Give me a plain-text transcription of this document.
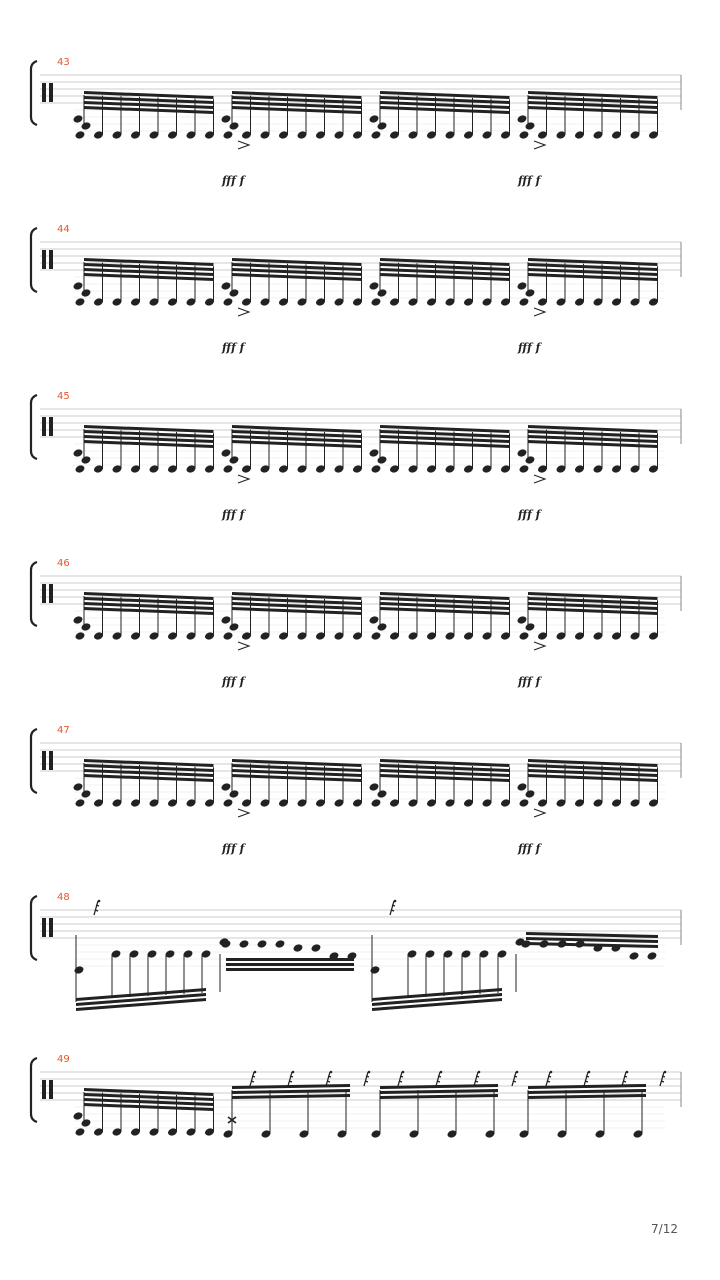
43
fff f	fff f
44
fff f	fff f
45
fff f	fff f
46
fff f	fff f
47
fff f	fff f
48
49
7/12
